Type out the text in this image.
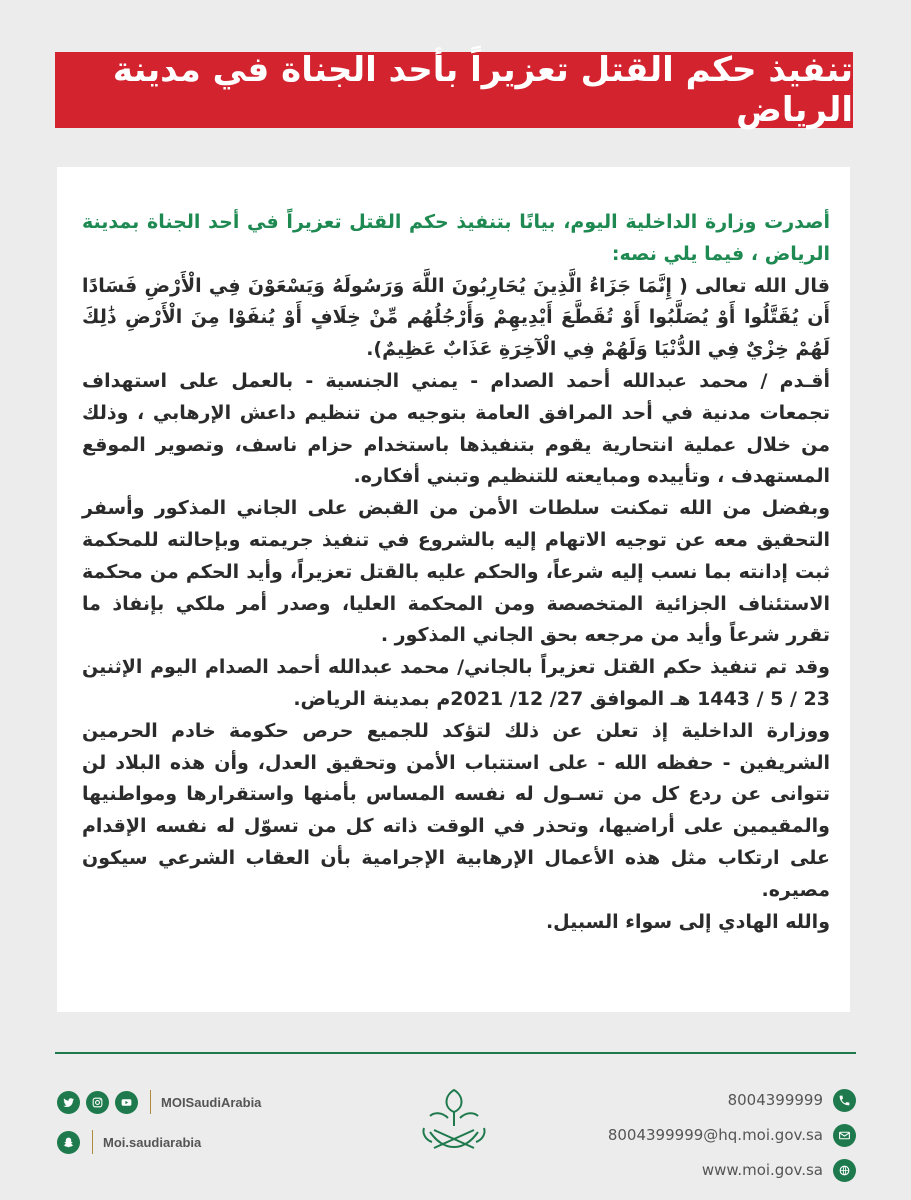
تنفيذ حكم القتل تعزيراً بأحد الجناة في مدينة الرياض

أصدرت وزارة الداخلية اليوم، بيانًا بتنفيذ حكم القتل تعزيراً في أحد الجناة بمدينة الرياض ، فيما يلي نصه:

قال الله تعالى ( إِنَّمَا جَزَاءُ الَّذِينَ يُحَارِبُونَ اللَّهَ وَرَسُولَهُ وَيَسْعَوْنَ فِي الْأَرْضِ فَسَادًا أَن يُقَتَّلُوا أَوْ يُصَلَّبُوا أَوْ تُقَطَّعَ أَيْدِيهِمْ وَأَرْجُلُهُم مِّنْ خِلَافٍ أَوْ يُنفَوْا مِنَ الْأَرْضِ ذَٰلِكَ لَهُمْ خِزْيٌ فِي الدُّنْيَا وَلَهُمْ فِي الْآخِرَةِ عَذَابٌ عَظِيمٌ).

أقـدم / محمد عبدالله أحمد الصدام - يمني الجنسية - بالعمل على استهداف تجمعات مدنية في أحد المرافق العامة بتوجيه من تنظيم داعش الإرهابي ، وذلك من خلال عملية انتحارية يقوم بتنفيذها باستخدام حزام ناسف، وتصوير الموقع المستهدف ، وتأييده ومبايعته للتنظيم وتبني أفكاره.

وبفضل من الله تمكنت سلطات الأمن من القبض على الجاني المذكور وأسفر التحقيق معه عن توجيه الاتهام إليه بالشروع في تنفيذ جريمته وبإحالته للمحكمة ثبت إدانته بما نسب إليه شرعاً، والحكم عليه بالقتل تعزيراً، وأيد الحكم من محكمة الاستئناف الجزائية المتخصصة ومن المحكمة العليا، وصدر أمر ملكي بإنفاذ ما تقرر شرعاً وأيد من مرجعه بحق الجاني المذكور .

وقد تم تنفيذ حكم القتل تعزيراً بالجاني/ محمد عبدالله أحمد الصدام اليوم الإثنين 23 / 5 / 1443 هـ الموافق 27/ 12/ 2021م بمدينة الرياض.

ووزارة الداخلية إذ تعلن عن ذلك لتؤكد للجميع حرص حكومة خادم الحرمين الشريفين - حفظه الله - على استتباب الأمن وتحقيق العدل، وأن هذه البلاد لن تتوانى عن ردع كل من تسـول له نفسه المساس بأمنها واستقرارها ومواطنيها والمقيمين على أراضيها، وتحذر في الوقت ذاته كل من تسوّل له نفسه الإقدام على ارتكاب مثل هذه الأعمال الإرهابية الإجرامية بأن العقاب الشرعي سيكون مصيره.

والله الهادي إلى سواء السبيل.

8004399999
8004399999@hq.moi.gov.sa
www.moi.gov.sa
MOISaudiArabia
Moi.saudiarabia
